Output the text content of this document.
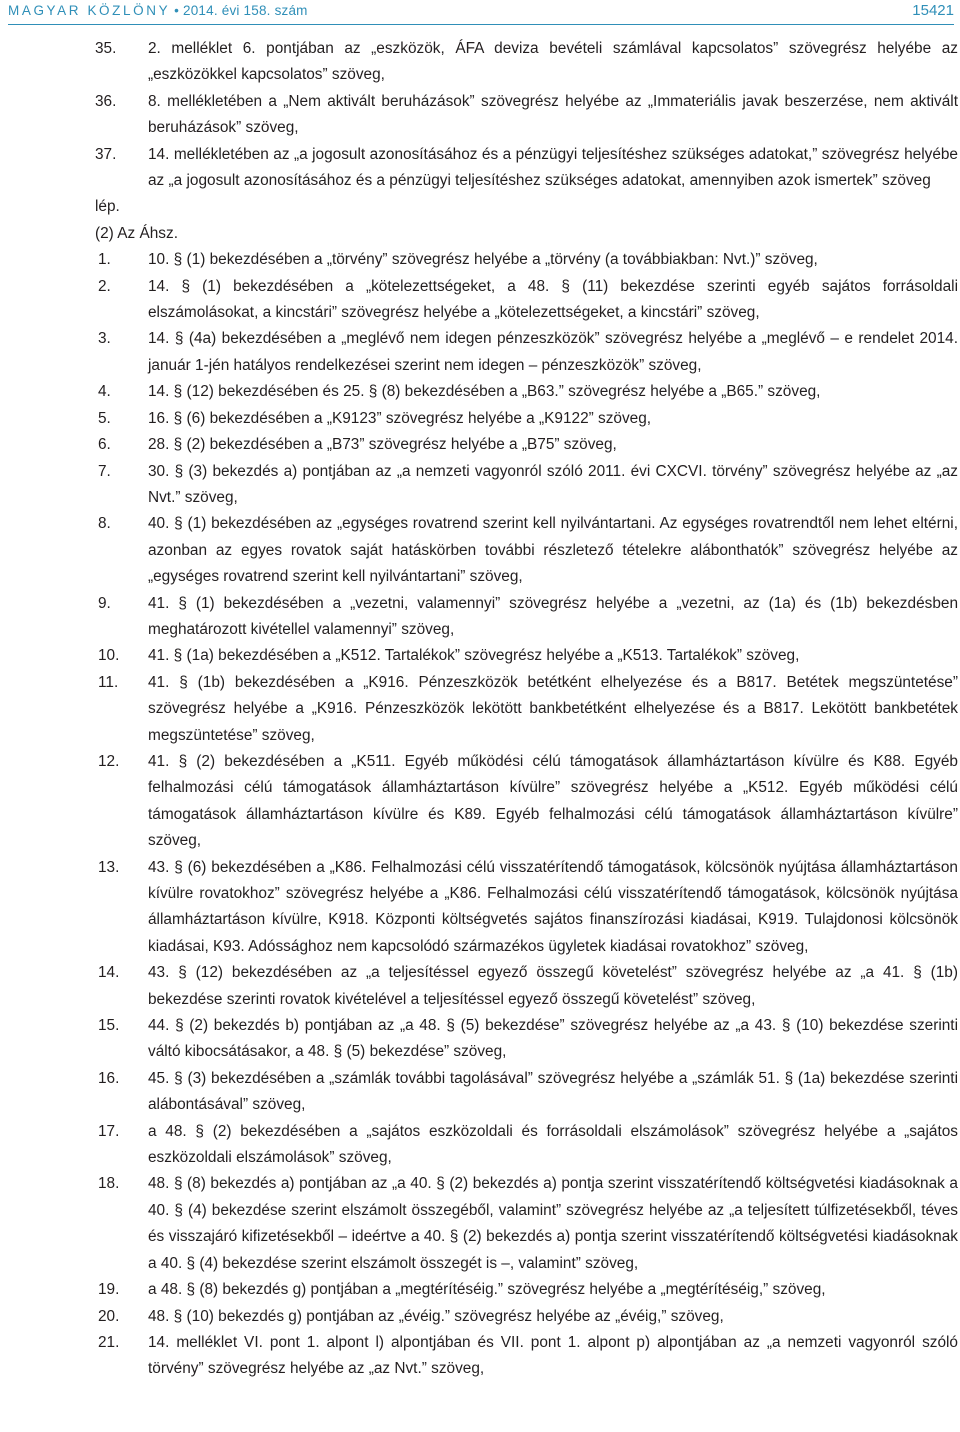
MAGYAR KÖZLÖNY • 2014. évi 158. szám	15421
35. 2. melléklet 6. pontjában az „eszközök, ÁFA deviza bevételi számlával kapcsolatos” szövegrész helyébe az „eszközökkel kapcsolatos” szöveg,
36. 8. mellékletében a „Nem aktivált beruházások” szövegrész helyébe az „Immateriális javak beszerzése, nem aktivált beruházások” szöveg,
37. 14. mellékletében az „a jogosult azonosításához és a pénzügyi teljesítéshez szükséges adatokat,” szövegrész helyébe az „a jogosult azonosításához és a pénzügyi teljesítéshez szükséges adatokat, amennyiben azok ismertek” szöveg
lép.
(2) Az Áhsz.
1. 10. § (1) bekezdésében a „törvény” szövegrész helyébe a „törvény (a továbbiakban: Nvt.)” szöveg,
2. 14. § (1) bekezdésében a „kötelezettségeket, a 48. § (11) bekezdése szerinti egyéb sajátos forrásoldali elszámolásokat, a kincstári” szövegrész helyébe a „kötelezettségeket, a kincstári” szöveg,
3. 14. § (4a) bekezdésében a „meglévő nem idegen pénzeszközök” szövegrész helyébe a „meglévő – e rendelet 2014. január 1-jén hatályos rendelkezései szerint nem idegen – pénzeszközök” szöveg,
4. 14. § (12) bekezdésében és 25. § (8) bekezdésében a „B63.” szövegrész helyébe a „B65.” szöveg,
5. 16. § (6) bekezdésében a „K9123” szövegrész helyébe a „K9122” szöveg,
6. 28. § (2) bekezdésében a „B73” szövegrész helyébe a „B75” szöveg,
7. 30. § (3) bekezdés a) pontjában az „a nemzeti vagyonról szóló 2011. évi CXCVI. törvény” szövegrész helyébe az „az Nvt.” szöveg,
8. 40. § (1) bekezdésében az „egységes rovatrend szerint kell nyilvántartani. Az egységes rovatrendtől nem lehet eltérni, azonban az egyes rovatok saját hatáskörben további részletező tételekre alábonthatók” szövegrész helyébe az „egységes rovatrend szerint kell nyilvántartani” szöveg,
9. 41. § (1) bekezdésében a „vezetni, valamennyi” szövegrész helyébe a „vezetni, az (1a) és (1b) bekezdésben meghatározott kivétellel valamennyi” szöveg,
10. 41. § (1a) bekezdésében a „K512. Tartalékok” szövegrész helyébe a „K513. Tartalékok” szöveg,
11. 41. § (1b) bekezdésében a „K916. Pénzeszközök betétként elhelyezése és a B817. Betétek megszüntetése” szövegrész helyébe a „K916. Pénzeszközök lekötött bankbetétként elhelyezése és a B817. Lekötött bankbetétek megszüntetése” szöveg,
12. 41. § (2) bekezdésében a „K511. Egyéb működési célú támogatások államháztartáson kívülre és K88. Egyéb felhalmozási célú támogatások államháztartáson kívülre” szövegrész helyébe a „K512. Egyéb működési célú támogatások államháztartáson kívülre és K89. Egyéb felhalmozási célú támogatások államháztartáson kívülre” szöveg,
13. 43. § (6) bekezdésében a „K86. Felhalmozási célú visszatérítendő támogatások, kölcsönök nyújtása államháztartáson kívülre rovatokhoz” szövegrész helyébe a „K86. Felhalmozási célú visszatérítendő támogatások, kölcsönök nyújtása államháztartáson kívülre, K918. Központi költségvetés sajátos finanszírozási kiadásai, K919. Tulajdonosi kölcsönök kiadásai, K93. Adóssághoz nem kapcsolódó származékos ügyletek kiadásai rovatokhoz” szöveg,
14. 43. § (12) bekezdésében az „a teljesítéssel egyező összegű követelést” szövegrész helyébe az „a 41. § (1b) bekezdése szerinti rovatok kivételével a teljesítéssel egyező összegű követelést” szöveg,
15. 44. § (2) bekezdés b) pontjában az „a 48. § (5) bekezdése” szövegrész helyébe az „a 43. § (10) bekezdése szerinti váltó kibocsátásakor, a 48. § (5) bekezdése” szöveg,
16. 45. § (3) bekezdésében a „számlák további tagolásával” szövegrész helyébe a „számlák 51. § (1a) bekezdése szerinti alábontásával” szöveg,
17. a 48. § (2) bekezdésében a „sajátos eszközoldali és forrásoldali elszámolások” szövegrész helyébe a „sajátos eszközoldali elszámolások” szöveg,
18. 48. § (8) bekezdés a) pontjában az „a 40. § (2) bekezdés a) pontja szerint visszatérítendő költségvetési kiadásoknak a 40. § (4) bekezdése szerint elszámolt összegéből, valamint” szövegrész helyébe az „a teljesített túlfizetésekből, téves és visszajáró kifizetésekből – ideértve a 40. § (2) bekezdés a) pontja szerint visszatérítendő költségvetési kiadásoknak a 40. § (4) bekezdése szerint elszámolt összegét is –, valamint” szöveg,
19. a 48. § (8) bekezdés g) pontjában a „megtérítéséig.” szövegrész helyébe a „megtérítéséig,” szöveg,
20. 48. § (10) bekezdés g) pontjában az „évéig.” szövegrész helyébe az „évéig,” szöveg,
21. 14. melléklet VI. pont 1. alpont l) alpontjában és VII. pont 1. alpont p) alpontjában az „a nemzeti vagyonról szóló törvény” szövegrész helyébe az „az Nvt.” szöveg,
